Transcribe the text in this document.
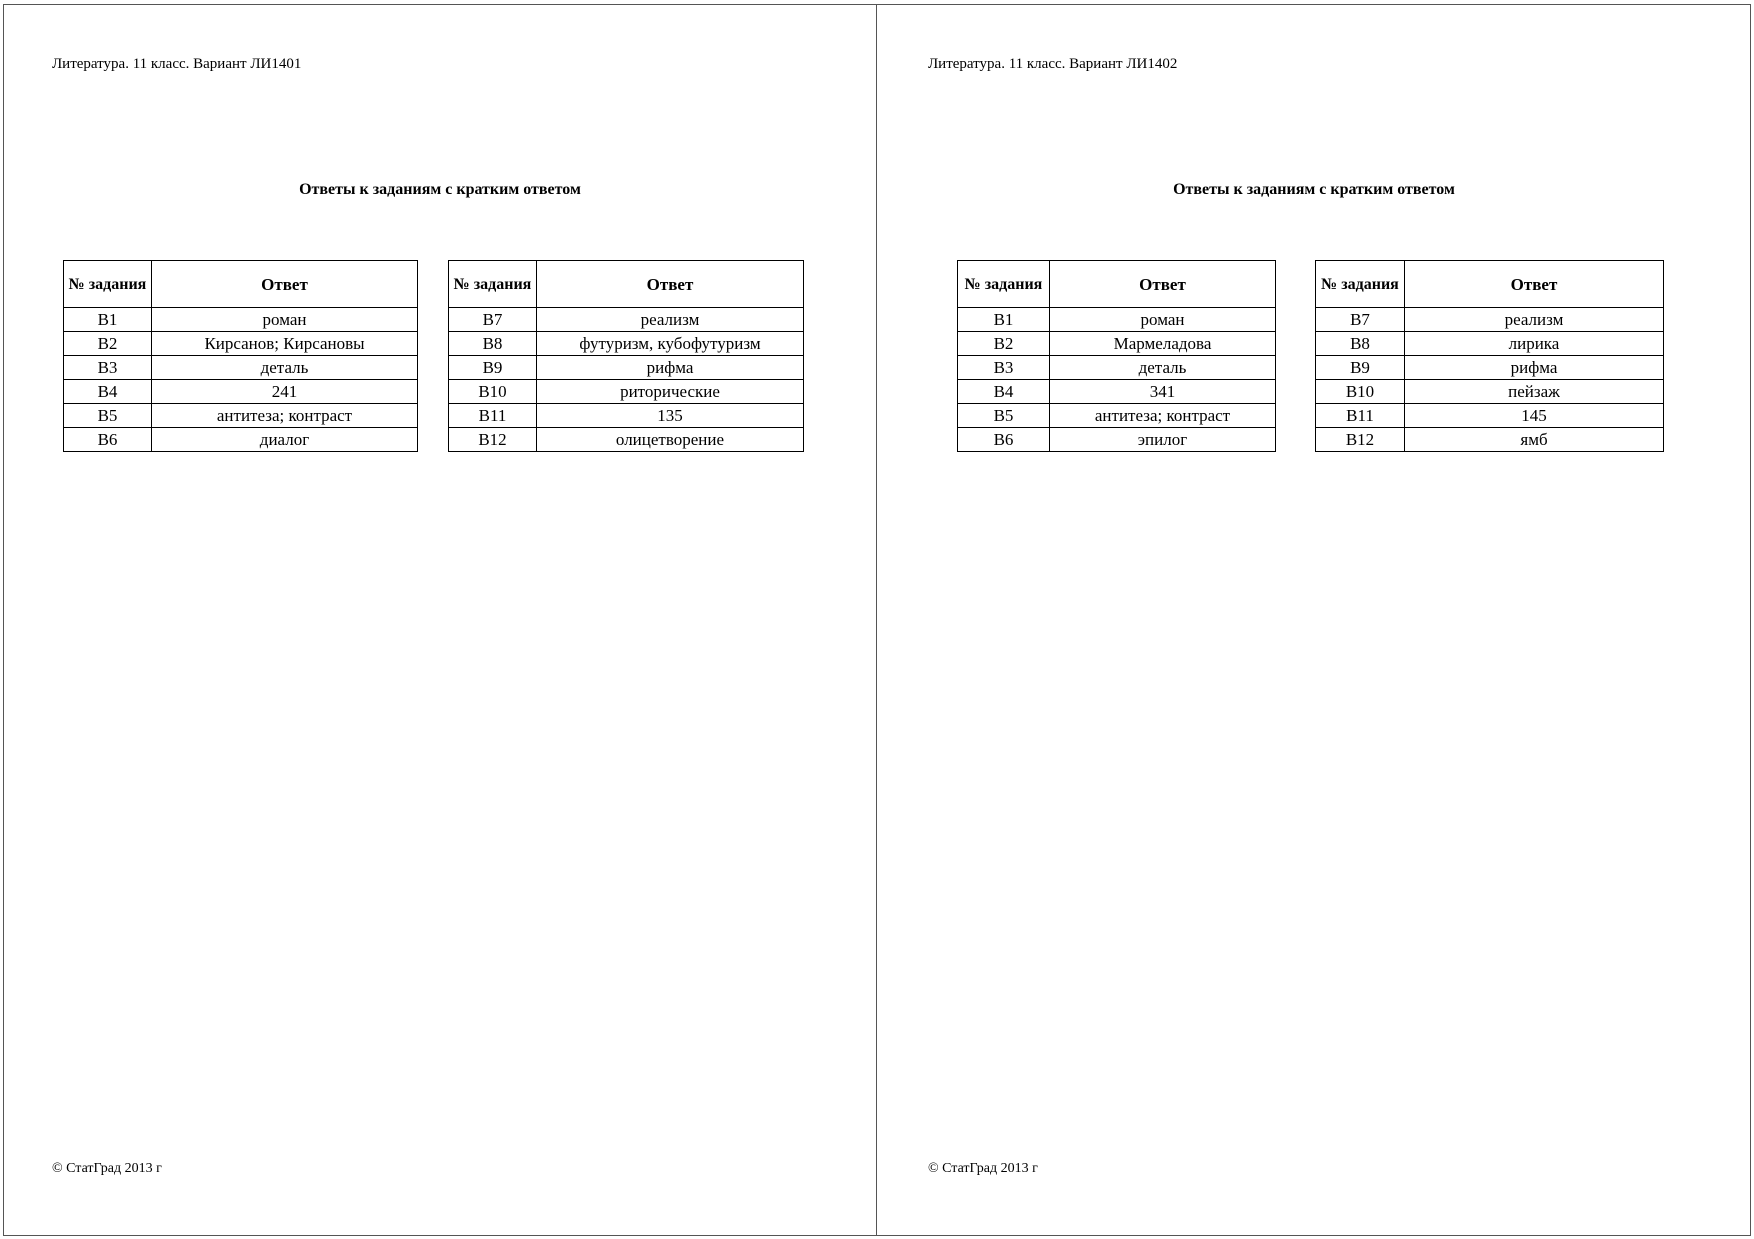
Литература. 11 класс. Вариант ЛИ1401
Ответы к заданиям с кратким ответом
№ задания	Ответ
В1	роман
В2	Кирсанов; Кирсановы
В3	деталь
В4	241
В5	антитеза; контраст
В6	диалог
№ задания	Ответ
В7	реализм
В8	футуризм, кубофутуризм
В9	рифма
В10	риторические
В11	135
В12	олицетворение
© СтатГрад 2013 г
Литература. 11 класс. Вариант ЛИ1402
Ответы к заданиям с кратким ответом
№ задания	Ответ
В1	роман
В2	Мармеладова
В3	деталь
В4	341
В5	антитеза; контраст
В6	эпилог
№ задания	Ответ
В7	реализм
В8	лирика
В9	рифма
В10	пейзаж
В11	145
В12	ямб
© СтатГрад 2013 г
